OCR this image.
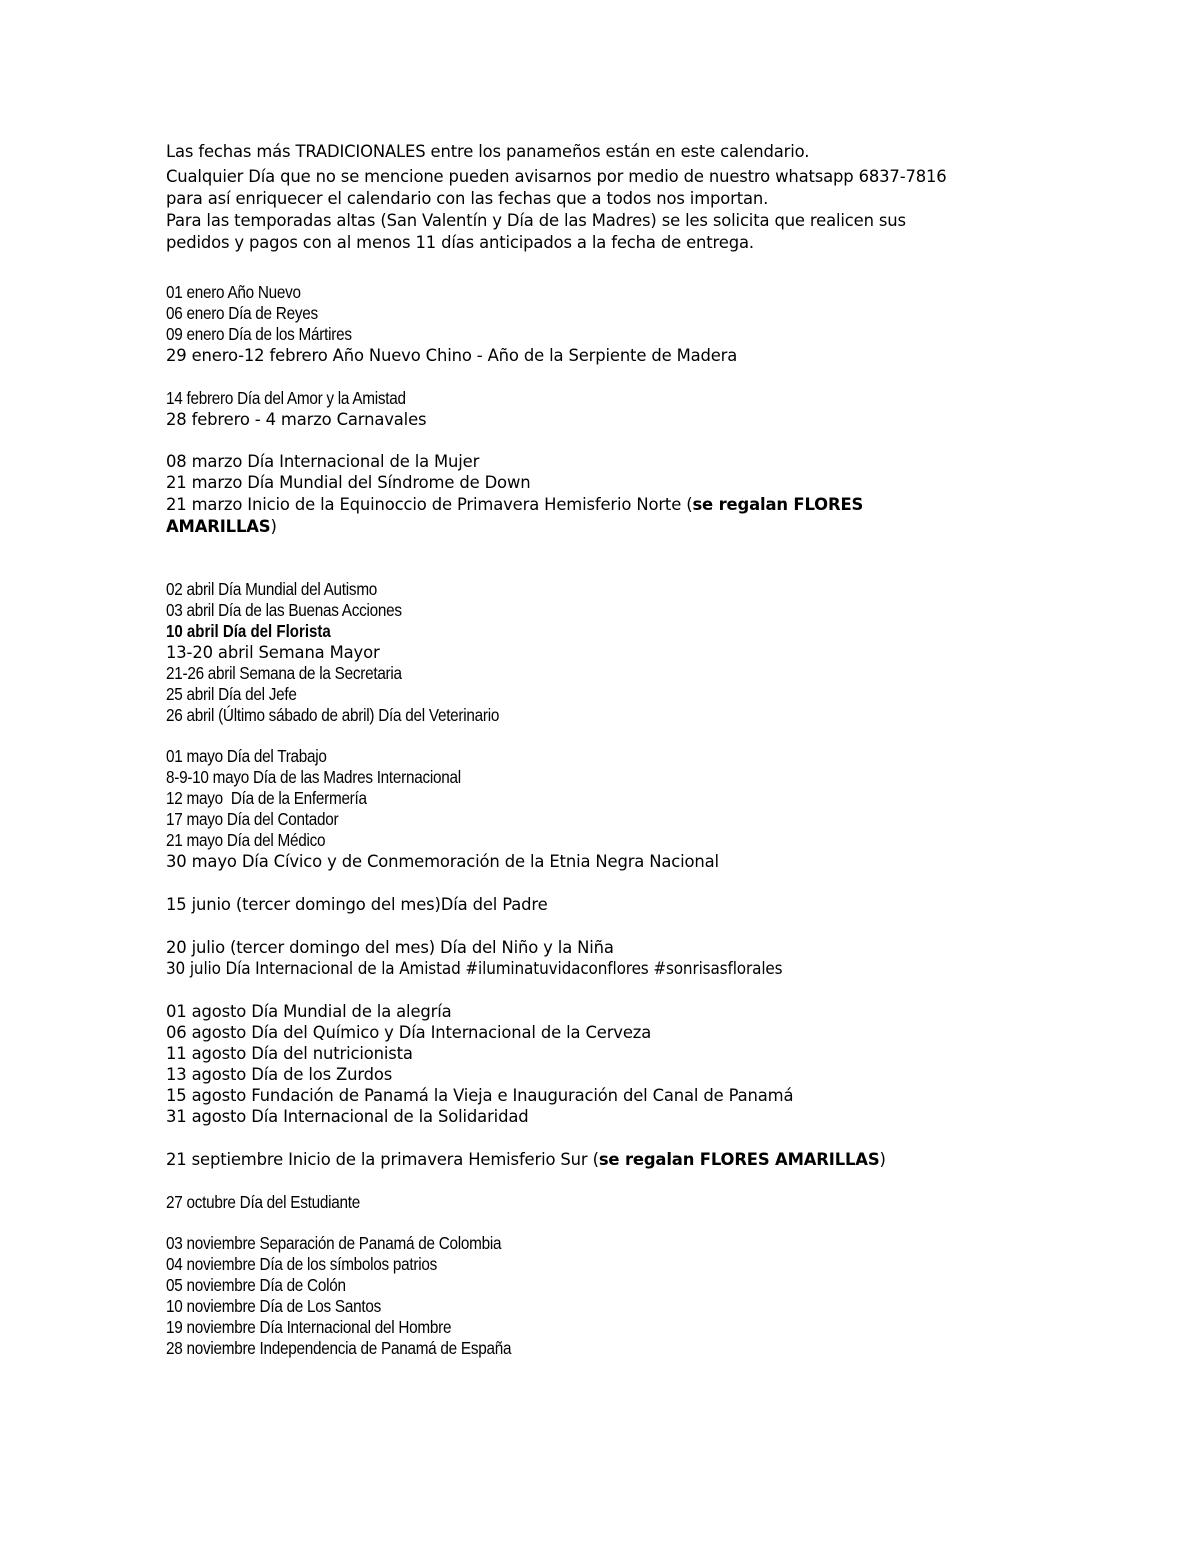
Las fechas más TRADICIONALES entre los panameños están en este calendario.

Cualquier Día que no se mencione pueden avisarnos por medio de nuestro whatsapp 6837-7816

para así enriquecer el calendario con las fechas que a todos nos importan.

Para las temporadas altas (San Valentín y Día de las Madres) se les solicita que realicen sus

pedidos y pagos con al menos 11 días anticipados a la fecha de entrega.

01 enero Año Nuevo

06 enero Día de Reyes

09 enero Día de los Mártires

29 enero-12 febrero Año Nuevo Chino - Año de la Serpiente de Madera

14 febrero Día del Amor y la Amistad

28 febrero - 4 marzo Carnavales

08 marzo Día Internacional de la Mujer

21 marzo Día Mundial del Síndrome de Down

21 marzo Inicio de la Equinoccio de Primavera Hemisferio Norte (se regalan FLORES

AMARILLAS)

02 abril Día Mundial del Autismo

03 abril Día de las Buenas Acciones

10 abril Día del Florista

13-20 abril Semana Mayor

21-26 abril Semana de la Secretaria

25 abril Día del Jefe

26 abril (Último sábado de abril) Día del Veterinario

01 mayo Día del Trabajo

8-9-10 mayo Día de las Madres Internacional

12 mayo  Día de la Enfermería

17 mayo Día del Contador

21 mayo Día del Médico

30 mayo Día Cívico y de Conmemoración de la Etnia Negra Nacional

15 junio (tercer domingo del mes)Día del Padre

20 julio (tercer domingo del mes) Día del Niño y la Niña

30 julio Día Internacional de la Amistad #iluminatuvidaconflores #sonrisasflorales

01 agosto Día Mundial de la alegría

06 agosto Día del Químico y Día Internacional de la Cerveza

11 agosto Día del nutricionista

13 agosto Día de los Zurdos

15 agosto Fundación de Panamá la Vieja e Inauguración del Canal de Panamá

31 agosto Día Internacional de la Solidaridad

21 septiembre Inicio de la primavera Hemisferio Sur (se regalan FLORES AMARILLAS)

27 octubre Día del Estudiante

03 noviembre Separación de Panamá de Colombia

04 noviembre Día de los símbolos patrios

05 noviembre Día de Colón

10 noviembre Día de Los Santos

19 noviembre Día Internacional del Hombre

28 noviembre Independencia de Panamá de España
